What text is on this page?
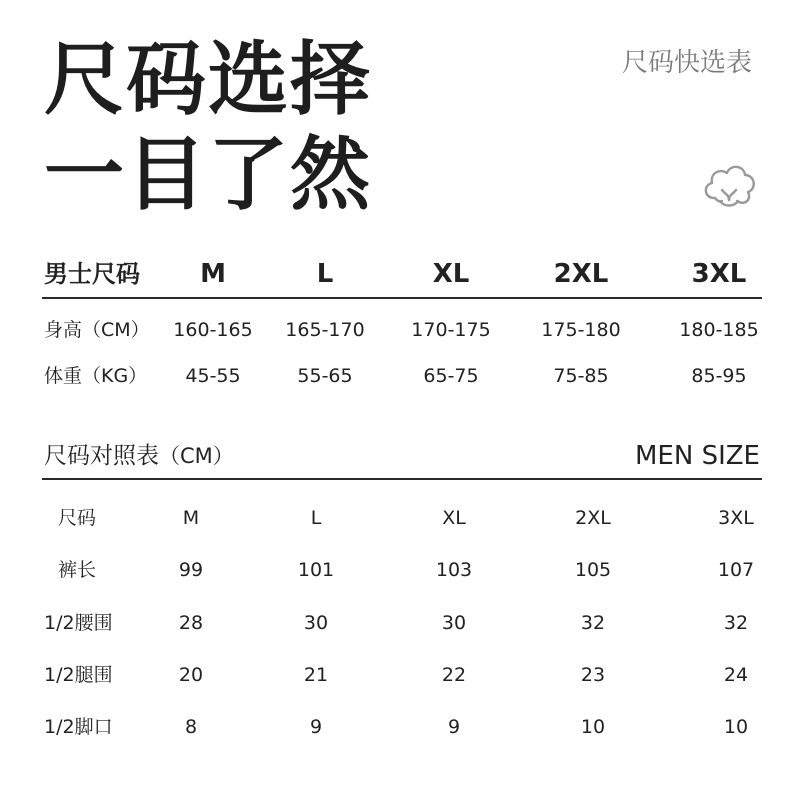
尺码选择
一目了然
尺码快选表
男士尺码 M	L	XL	2XL	3XL
身高（CM） 160-165 165-170 170-175	175-180	180-185
体重（KG） 45-55	55-65	65-75	75-85	85-95
尺码对照表（CM）	MEN SIZE
尺码	M	L	XL	2XL	3XL
裤长	99	101	103	105	107
1/2腰围	28	30	30	32	32
1/2腿围	20	21	22	23	24
1/2脚口	8	9	9	10	10
